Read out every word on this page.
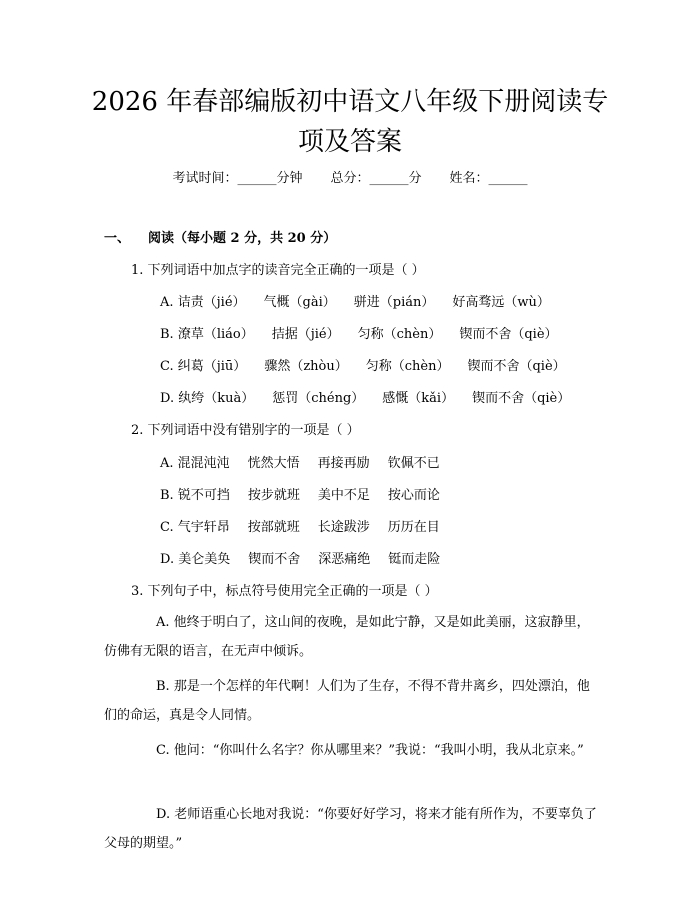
2026 年春部编版初中语文八年级下册阅读专
项及答案
考试时间：______分钟 总分：______分 姓名：______
一、 阅读（每小题 2 分，共 20 分）
1. 下列词语中加点字的读音完全正确的一项是（ ）
A. 诘责（jié） 气概（gài） 骈进（pián） 好高骛远（wù）
B. 潦草（liáo） 拮据（jié） 匀称（chèn） 锲而不舍（qiè）
C. 纠葛（jiū） 骤然（zhòu） 匀称（chèn） 锲而不舍（qiè）
D. 纨绔（kuà） 惩罚（chéng） 感慨（kǎi） 锲而不舍（qiè）
2. 下列词语中没有错别字的一项是（ ）
A. 混混沌沌 恍然大悟 再接再励 钦佩不已
B. 锐不可挡 按步就班 美中不足 按心而论
C. 气宇轩昂 按部就班 长途跋涉 历历在目
D. 美仑美奂 锲而不舍 深恶痛绝 铤而走险
3. 下列句子中，标点符号使用完全正确的一项是（ ）
A. 他终于明白了，这山间的夜晚，是如此宁静，又是如此美丽，这寂静里，仿佛有无限的语言，在无声中倾诉。
B. 那是一个怎样的年代啊！人们为了生存，不得不背井离乡，四处漂泊，他们的命运，真是令人同情。
C. 他问：“你叫什么名字？你从哪里来？”我说：“我叫小明，我从北京来。”
D. 老师语重心长地对我说：“你要好好学习，将来才能有所作为，不要辜负了父母的期望。”
